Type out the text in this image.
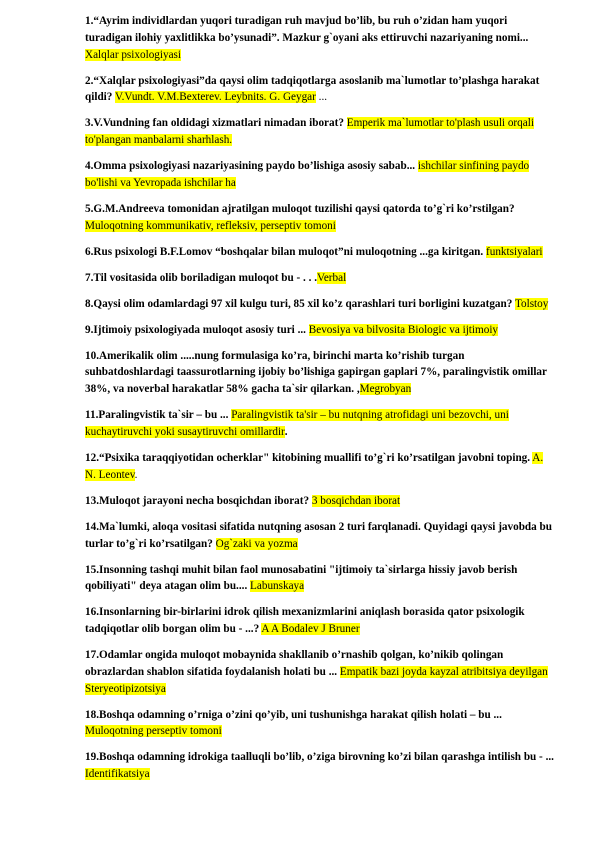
1.“Ayrim individlardan yuqori turadigan ruh mavjud bo’lib, bu ruh o’zidan ham yuqori turadigan ilohiy yaxlitlikka bo’ysunadi”. Mazkur g`oyani aks ettiruvchi nazariyaning nomi... Xalqlar psixologiyasi

2.“Xalqlar psixologiyasi”da qaysi olim tadqiqotlarga asoslanib ma`lumotlar to’plashga harakat qildi? V.Vundt. V.M.Bexterev. Leybnits. G. Geygar ...

3.V.Vundning fan oldidagi xizmatlari nimadan iborat? Emperik ma`lumotlar to'plash usuli orqali to'plangan manbalarni sharhlash.

4.Omma psixologiyasi nazariyasining paydo bo’lishiga asosiy sabab... ishchilar sinfining paydo bo'lishi va Yevropada ishchilar ha

5.G.M.Andreeva tomonidan ajratilgan muloqot tuzilishi qaysi qatorda to’g`ri ko’rstilgan? Muloqotning kommunikativ, refleksiv, perseptiv tomoni

6.Rus psixologi B.F.Lomov “boshqalar bilan muloqot”ni muloqotning ...ga kiritgan. funktsiyalari

7.Til vositasida olib boriladigan muloqot bu - . . .Verbal

8.Qaysi olim odamlardagi 97 xil kulgu turi, 85 xil ko’z qarashlari turi borligini kuzatgan? Tolstoy

9.Ijtimoiy psixologiyada muloqot asosiy turi ... Bevosiya va bilvosita Biologic va ijtimoiy

10.Amerikalik olim .....nung formulasiga ko’ra, birinchi marta ko’rishib turgan suhbatdoshlardagi taassurotlarning ijobiy bo’lishiga gapirgan gaplari 7%, paralingvistik omillar 38%, va noverbal harakatlar 58% gacha ta`sir qilarkan. ,Megrobyan

11.Paralingvistik ta`sir – bu ... Paralingvistik ta'sir – bu nutqning atrofidagi uni bezovchi, uni kuchaytiruvchi yoki susaytiruvchi omillardir.

12.“Psixika taraqqiyotidan ocherklar" kitobining muallifi to’g`ri ko’rsatilgan javobni toping. A. N. Leontev.

13.Muloqot jarayoni necha bosqichdan iborat? 3 bosqichdan iborat

14.Ma`lumki, aloqa vositasi sifatida nutqning asosan 2 turi farqlanadi. Quyidagi qaysi javobda bu turlar to’g`ri ko’rsatilgan? Og`zaki va yozma

15.Insonning tashqi muhit bilan faol munosabatini "ijtimoiy ta`sirlarga hissiy javob berish qobiliyati" deya atagan olim bu.... Labunskaya

16.Insonlarning bir-birlarini idrok qilish mexanizmlarini aniqlash borasida qator psixologik tadqiqotlar olib borgan olim bu - ...? A A Bodalev J Bruner

17.Odamlar ongida muloqot mobaynida shakllanib o’rnashib qolgan, ko’nikib qolingan obrazlardan shablon sifatida foydalanish holati bu ... Empatik bazi joyda kayzal atribitsiya deyilgan Steryeotipizotsiya

18.Boshqa odamning o’rniga o’zini qo’yib, uni tushunishga harakat qilish holati – bu ... Muloqotning perseptiv tomoni

19.Boshqa odamning idrokiga taalluqli bo’lib, o’ziga birovning ko’zi bilan qarashga intilish bu - ... Identifikatsiya
